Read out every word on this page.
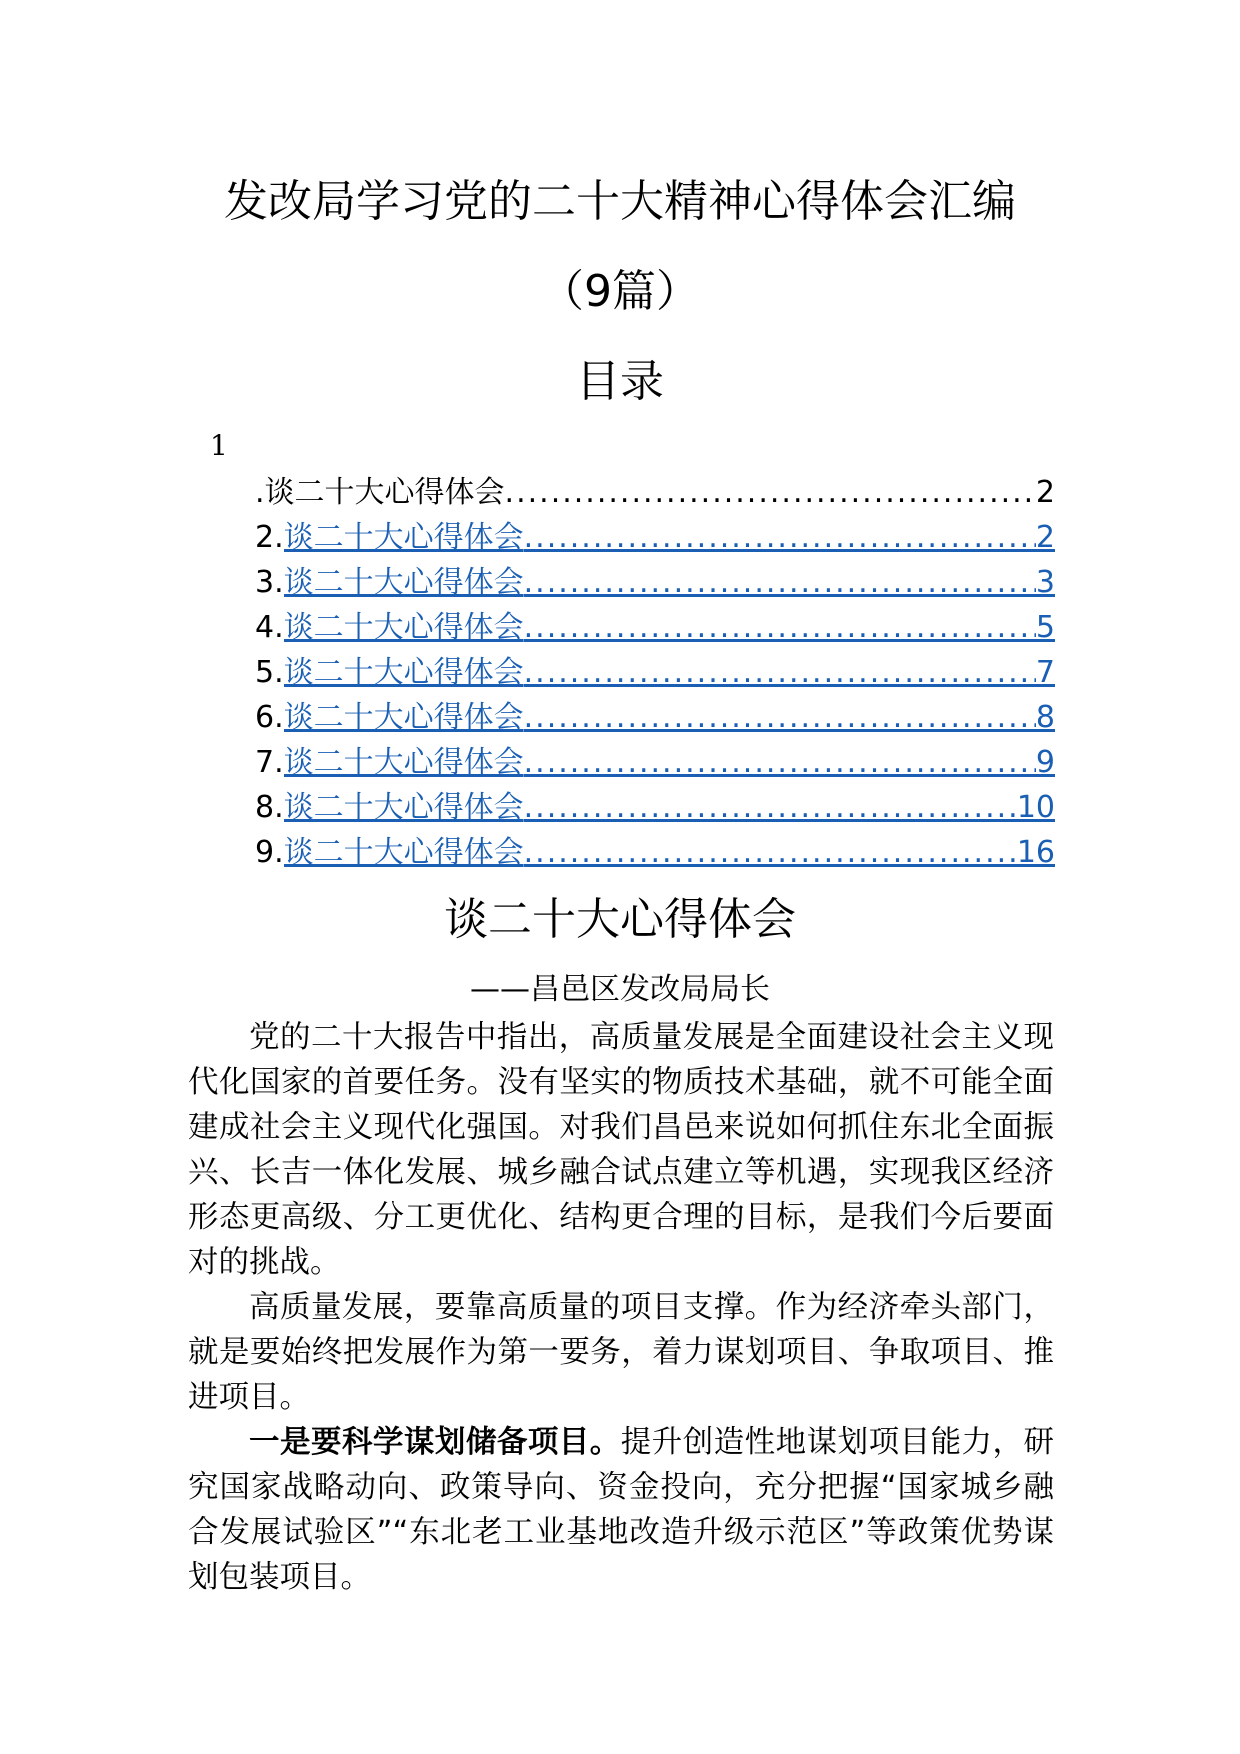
发改局学习党的二十大精神心得体会汇编
（9篇）
目录
1
. 谈二十大心得体会 .....	2
2. 谈二十大心得体会 .....	2
3. 谈二十大心得体会 .....	3
4. 谈二十大心得体会 .....	5
5. 谈二十大心得体会 .....	7
6. 谈二十大心得体会 .....	8
7. 谈二十大心得体会 .....	9
8. 谈二十大心得体会 .....	10
9. 谈二十大心得体会 .....	16
谈二十大心得体会
——昌邑区发改局局长

党的二十大报告中指出，高质量发展是全面建设社会主义现代化国家的首要任务。没有坚实的物质技术基础，就不可能全面建成社会主义现代化强国。对我们昌邑来说如何抓住东北全面振兴、长吉一体化发展、城乡融合试点建立等机遇，实现我区经济形态更高级、分工更优化、结构更合理的目标，是我们今后要面对的挑战。

高质量发展，要靠高质量的项目支撑。作为经济牵头部门，就是要始终把发展作为第一要务，着力谋划项目、争取项目、推进项目。

一是要科学谋划储备项目。提升创造性地谋划项目能力，研究国家战略动向、政策导向、资金投向，充分把握“国家城乡融合发展试验区”“东北老工业基地改造升级示范区”等政策优势谋划包装项目。
